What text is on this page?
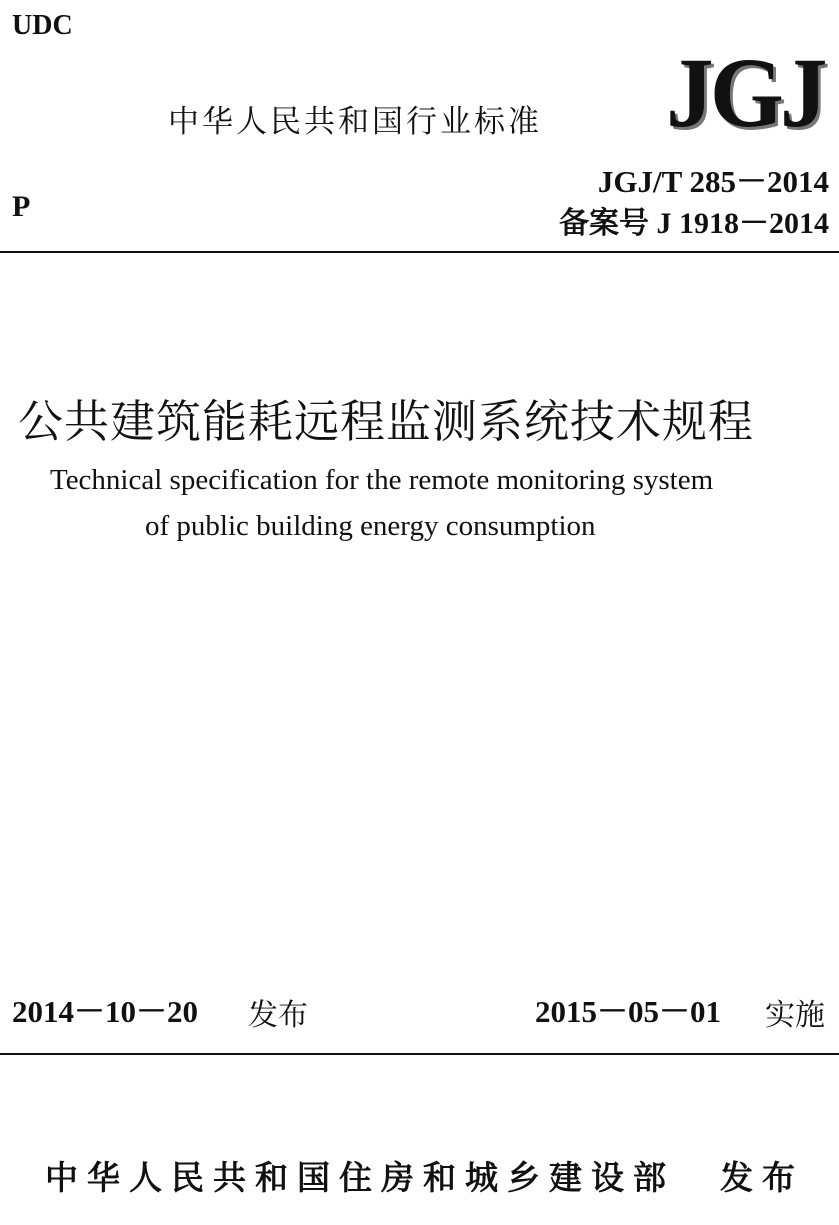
UDC
中华人民共和国行业标准 JGJ
P
JGJ/T 285－2014
备案号 J 1918－2014
公共建筑能耗远程监测系统技术规程
Technical specification for the remote monitoring system
of public building energy consumption
2014－10－20 发布	2015－05－01 实施
中华人民共和国住房和城乡建设部 发布
